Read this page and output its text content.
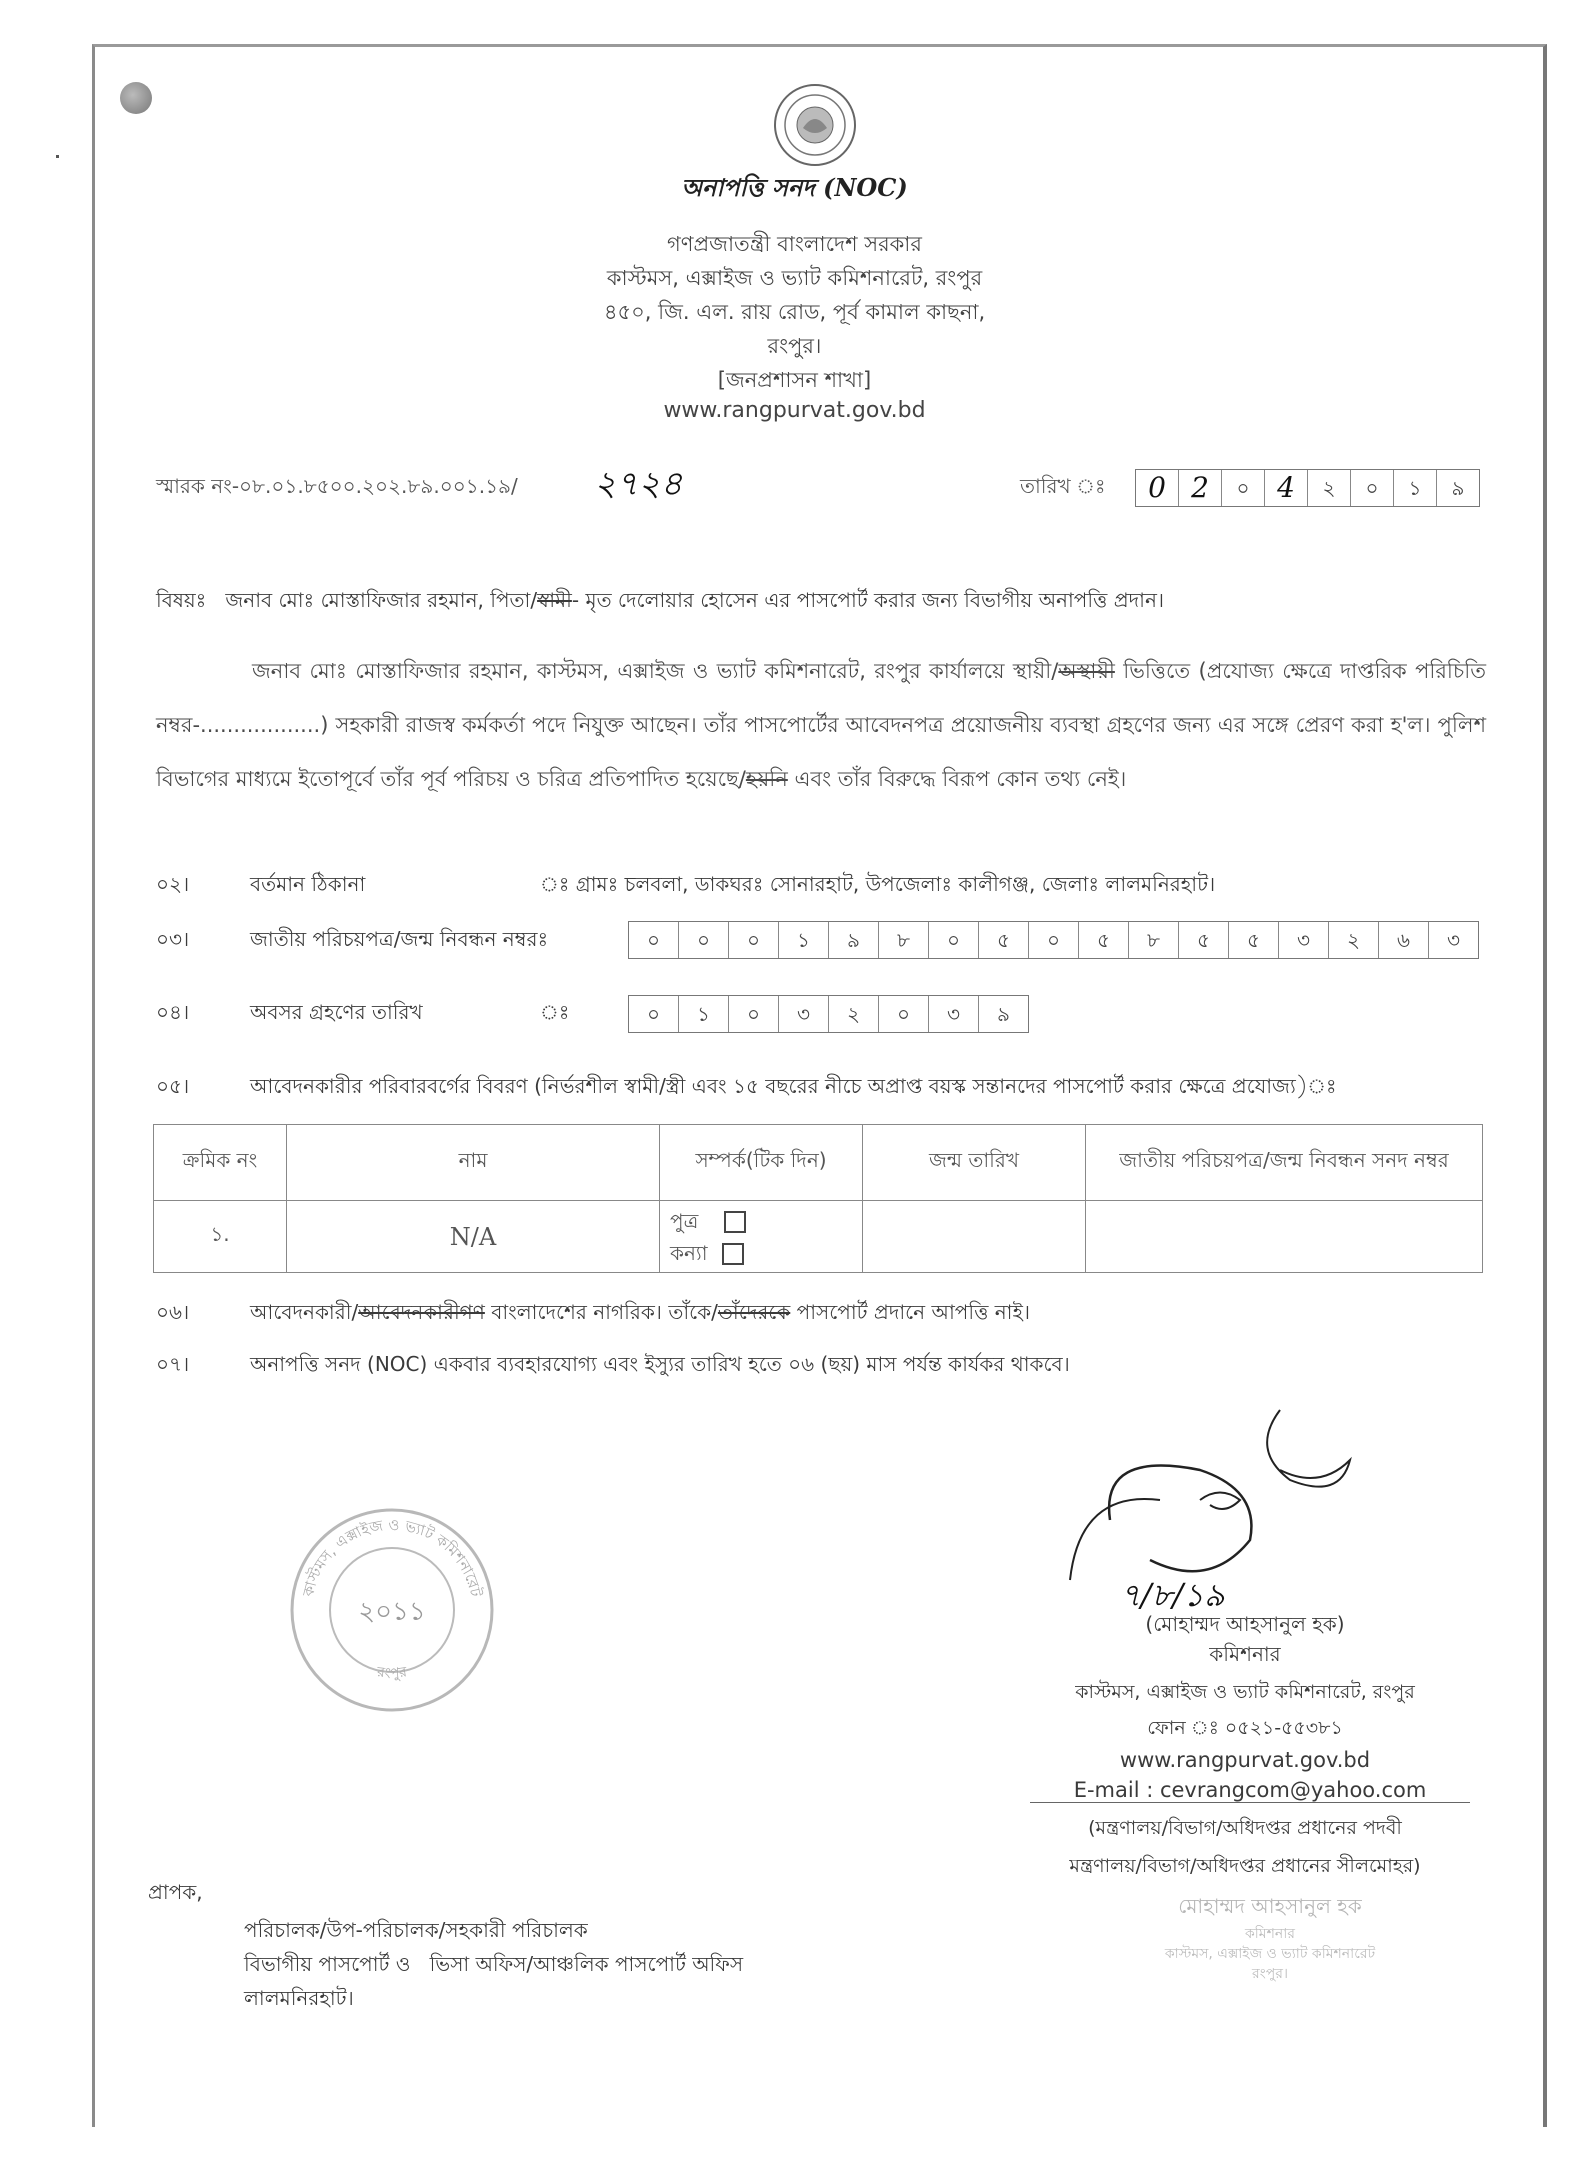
অনাপত্তি সনদ (NOC)
গণপ্রজাতন্ত্রী বাংলাদেশ সরকার
কাস্টমস, এক্সাইজ ও ভ্যাট কমিশনারেট, রংপুর
৪৫০, জি. এল. রায় রোড, পূর্ব কামাল কাছনা,
রংপুর।
[জনপ্রশাসন শাখা]
www.rangpurvat.gov.bd
স্মারক নং-০৮.০১.৮৫০০.২০২.৮৯.০০১.১৯/ ২৭২৪	তারিখ ঃ	0 2	০ 4	২	০	১	৯
বিষয়ঃ জনাব মোঃ মোস্তাফিজার রহমান, পিতা/স্বামী- মৃত দেলোয়ার হোসেন এর পাসপোর্ট করার জন্য বিভাগীয় অনাপত্তি প্রদান।
জনাব মোঃ মোস্তাফিজার রহমান, কাস্টমস, এক্সাইজ ও ভ্যাট কমিশনারেট, রংপুর কার্যালয়ে স্থায়ী/অস্থায়ী ভিত্তিতে (প্রযোজ্য ক্ষেত্রে দাপ্তরিক পরিচিতি নম্বর-..................) সহকারী রাজস্ব কর্মকর্তা পদে নিযুক্ত আছেন। তাঁর পাসপোর্টের আবেদনপত্র প্রয়োজনীয় ব্যবস্থা গ্রহণের জন্য এর সঙ্গে প্রেরণ করা হ'ল। পুলিশ বিভাগের মাধ্যমে ইতোপূর্বে তাঁর পূর্ব পরিচয় ও চরিত্র প্রতিপাদিত হয়েছে/হয়নি এবং তাঁর বিরুদ্ধে বিরূপ কোন তথ্য নেই।
০২।	বর্তমান ঠিকানা	ঃ গ্রামঃ চলবলা, ডাকঘরঃ সোনারহাট, উপজেলাঃ কালীগঞ্জ, জেলাঃ লালমনিরহাট।
০৩।	জাতীয় পরিচয়পত্র/জন্ম নিবন্ধন নম্বরঃ	০	০	০	১	৯	৮	০	৫	০	৫	৮	৫	৫	৩	২	৬	৩
০৪।	অবসর গ্রহণের তারিখ	ঃ	০	১	০	৩	২	০	৩	৯
০৫।	আবেদনকারীর পরিবারবর্গের বিবরণ (নির্ভরশীল স্বামী/স্ত্রী এবং ১৫ বছরের নীচে অপ্রাপ্ত বয়স্ক সন্তানদের পাসপোর্ট করার ক্ষেত্রে প্রযোজ্য)ঃ
ক্রমিক নং	নাম	সম্পর্ক(টিক দিন)	জন্ম তারিখ	জাতীয় পরিচয়পত্র/জন্ম নিবন্ধন সনদ নম্বর
১.	N/A	পুত্র
কন্যা		

০৬।	আবেদনকারী/আবেদনকারীগণ বাংলাদেশের নাগরিক। তাঁকে/তাঁদেরকে পাসপোর্ট প্রদানে আপত্তি নাই।
০৭।	অনাপত্তি সনদ (NOC) একবার ব্যবহারযোগ্য এবং ইস্যুর তারিখ হতে ০৬ (ছয়) মাস পর্যন্ত কার্যকর থাকবে।
কাস্টমস, এক্সাইজ ও ভ্যাট কমিশনারেট
২০১১
রংপুর
৭/৮/১৯
(মোহাম্মদ আহসানুল হক)
কমিশনার
কাস্টমস, এক্সাইজ ও ভ্যাট কমিশনারেট, রংপুর
ফোন ঃ ০৫২১-৫৫৩৮১
www.rangpurvat.gov.bd
E-mail : cevrangcom@yahoo.com
(মন্ত্রণালয়/বিভাগ/অধিদপ্তর প্রধানের পদবী
মন্ত্রণালয়/বিভাগ/অধিদপ্তর প্রধানের সীলমোহর)
মোহাম্মদ আহসানুল হক
কমিশনার
কাস্টমস, এক্সাইজ ও ভ্যাট কমিশনারেট
রংপুর।
প্রাপক,
পরিচালক/উপ-পরিচালক/সহকারী পরিচালক
বিভাগীয় পাসপোর্ট ও   ভিসা অফিস/আঞ্চলিক পাসপোর্ট অফিস
লালমনিরহাট।
